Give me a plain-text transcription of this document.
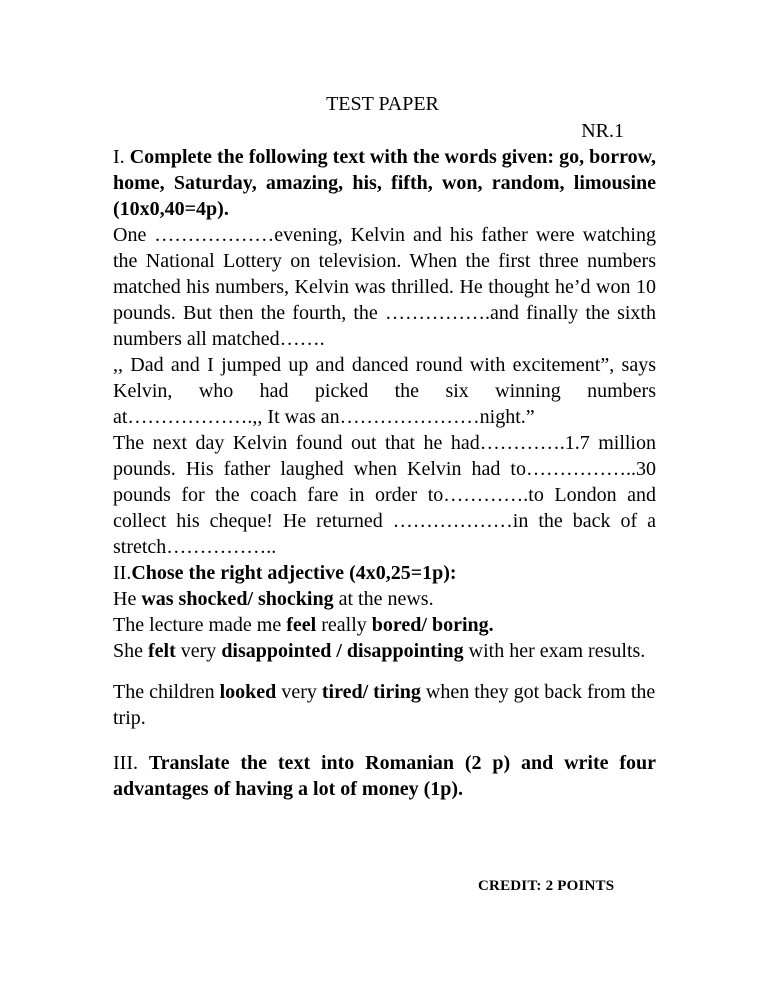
TEST PAPER
NR.1

I. Complete the following text with the words given: go, borrow, home, Saturday, amazing, his, fifth, won, random, limousine (10x0,40=4p).

One ………………evening, Kelvin and his father were watching the National Lottery on television. When the first three numbers matched his numbers, Kelvin was thrilled. He thought he’d won 10 pounds. But then the fourth, the …………….and finally the sixth numbers all matched…….

,, Dad and I jumped up and danced round with excitement”, says Kelvin, who had picked the six winning numbers at……………….,, It was an…………………night.”

The next day Kelvin found out that he had………….1.7 million pounds. His father laughed when Kelvin had to……………..30 pounds for the coach fare in order to………….to London and collect his cheque! He returned ………………in the back of a stretch……………..

II.Chose the right adjective (4x0,25=1p):

He was shocked/ shocking at the news.

The lecture made me feel really bored/ boring.

She felt very disappointed / disappointing with her exam results.

The children looked very tired/ tiring when they got back from the trip.

III. Translate the text into Romanian (2 p) and write four advantages of having a lot of money (1p).

CREDIT: 2 POINTS
